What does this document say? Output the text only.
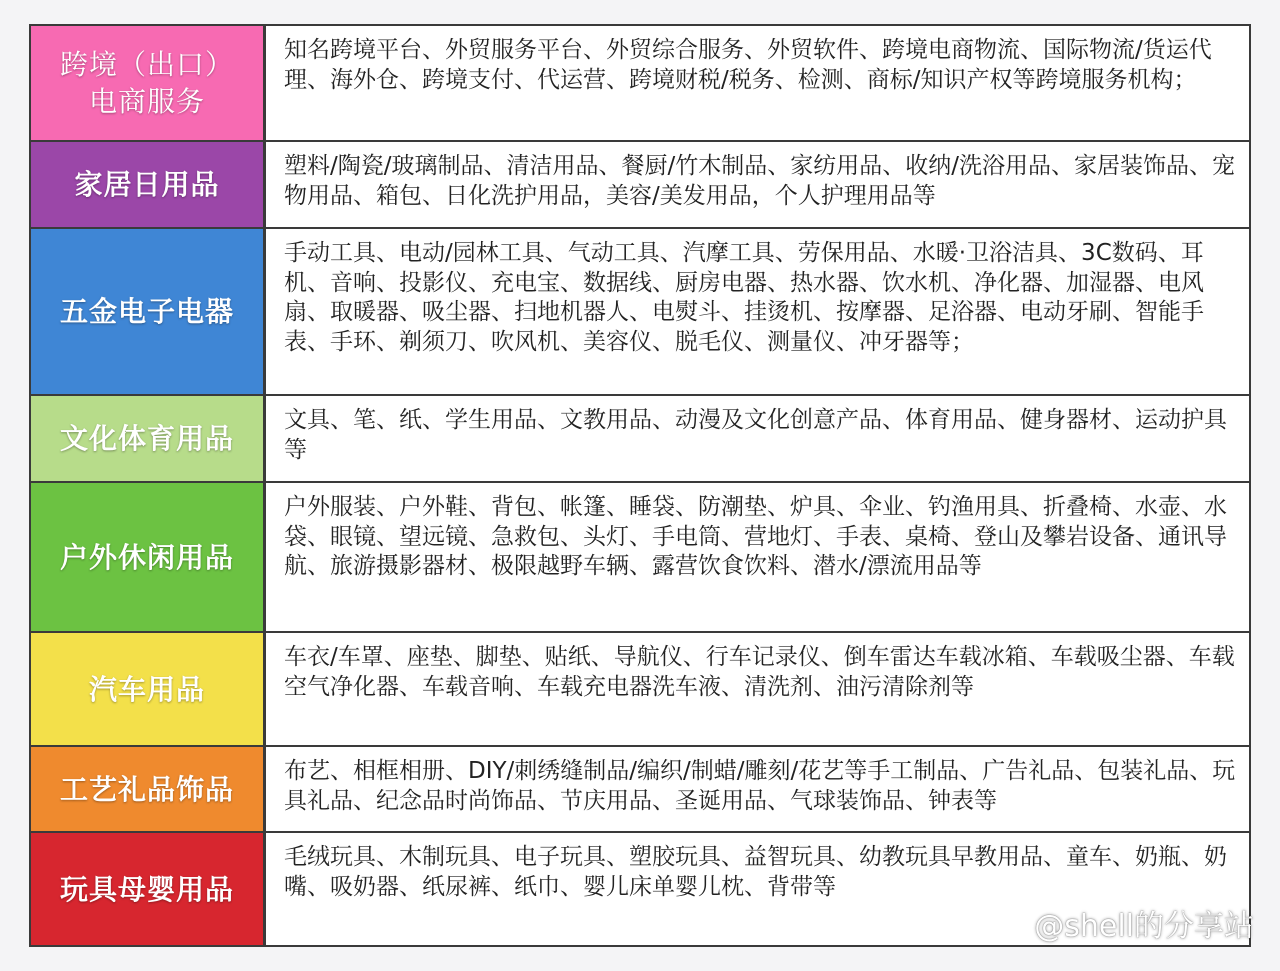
跨境（出口）电商服务
知名跨境平台、外贸服务平台、外贸综合服务、外贸软件、跨境电商物流、国际物流/货运代理、海外仓、跨境支付、代运营、跨境财税/税务、检测、商标/知识产权等跨境服务机构；
家居日用品
塑料/陶瓷/玻璃制品、清洁用品、餐厨/竹木制品、家纺用品、收纳/洗浴用品、家居装饰品、宠物用品、箱包、日化洗护用品，美容/美发用品，个人护理用品等
五金电子电器
手动工具、电动/园林工具、气动工具、汽摩工具、劳保用品、水暖·卫浴洁具、3C数码、耳机、音响、投影仪、充电宝、数据线、厨房电器、热水器、饮水机、净化器、加湿器、电风扇、取暖器、吸尘器、扫地机器人、电熨斗、挂烫机、按摩器、足浴器、电动牙刷、智能手表、手环、剃须刀、吹风机、美容仪、脱毛仪、测量仪、冲牙器等；
文化体育用品
文具、笔、纸、学生用品、文教用品、动漫及文化创意产品、体育用品、健身器材、运动护具等
户外休闲用品
户外服装、户外鞋、背包、帐篷、睡袋、防潮垫、炉具、伞业、钓渔用具、折叠椅、水壶、水袋、眼镜、望远镜、急救包、头灯、手电筒、营地灯、手表、桌椅、登山及攀岩设备、通讯导航、旅游摄影器材、极限越野车辆、露营饮食饮料、潜水/漂流用品等
汽车用品
车衣/车罩、座垫、脚垫、贴纸、导航仪、行车记录仪、倒车雷达车载冰箱、车载吸尘器、车载空气净化器、车载音响、车载充电器洗车液、清洗剂、油污清除剂等
工艺礼品饰品
布艺、相框相册、DIY/刺绣缝制品/编织/制蜡/雕刻/花艺等手工制品、广告礼品、包装礼品、玩具礼品、纪念品时尚饰品、节庆用品、圣诞用品、气球装饰品、钟表等
玩具母婴用品
毛绒玩具、木制玩具、电子玩具、塑胶玩具、益智玩具、幼教玩具早教用品、童车、奶瓶、奶嘴、吸奶器、纸尿裤、纸巾、婴儿床单婴儿枕、背带等
@shell的分享站
